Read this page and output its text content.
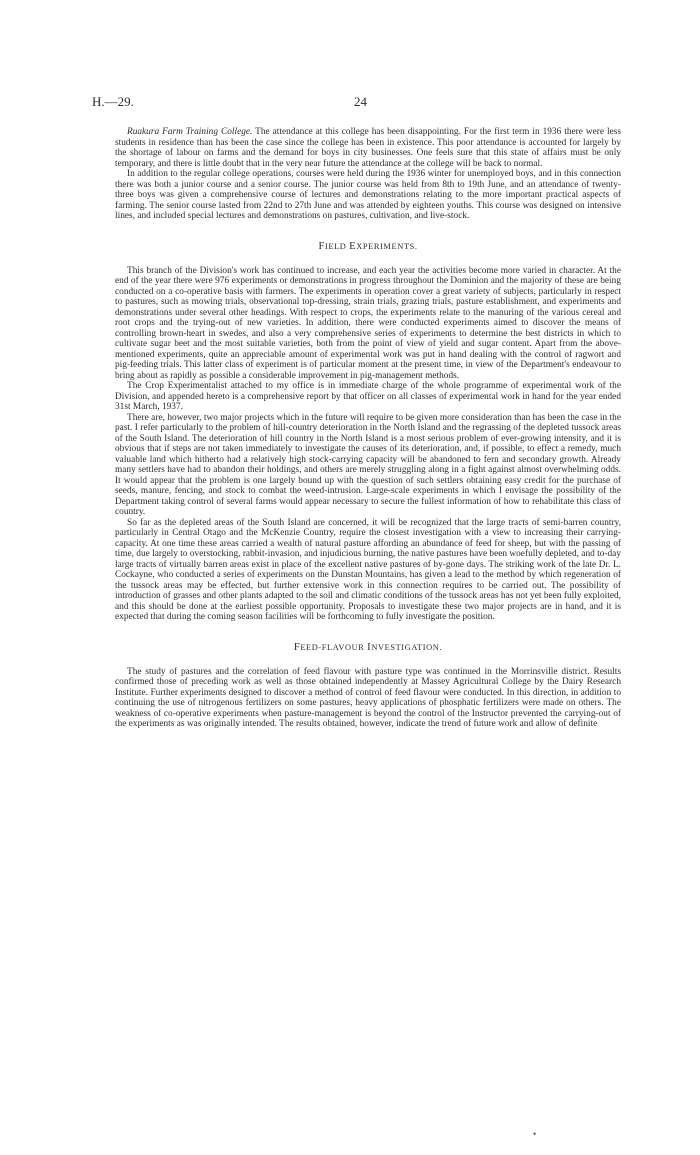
H.—29.	24

Ruakura Farm Training College. The attendance at this college has been disappointing. For the first term in 1936 there were less students in residence than has been the case since the college has been in existence. This poor attendance is accounted for largely by the shortage of labour on farms and the demand for boys in city businesses. One feels sure that this state of affairs must be only temporary, and there is little doubt that in the very near future the attendance at the college will be back to normal.

In addition to the regular college operations, courses were held during the 1936 winter for unemployed boys, and in this connection there was both a junior course and a senior course. The junior course was held from 8th to 19th June, and an attendance of twenty-three boys was given a comprehensive course of lectures and demonstrations relating to the more important practical aspects of farming. The senior course lasted from 22nd to 27th June and was attended by eighteen youths. This course was designed on intensive lines, and included special lectures and demonstrations on pastures, cultivation, and live-stock.

FIELD EXPERIMENTS.

This branch of the Division's work has continued to increase, and each year the activities become more varied in character. At the end of the year there were 976 experiments or demonstrations in progress throughout the Dominion and the majority of these are being conducted on a co-operative basis with farmers. The experiments in operation cover a great variety of subjects, particularly in respect to pastures, such as mowing trials, observational top-dressing, strain trials, grazing trials, pasture establishment, and experiments and demonstrations under several other headings. With respect to crops, the experiments relate to the manuring of the various cereal and root crops and the trying-out of new varieties. In addition, there were conducted experiments aimed to discover the means of controlling brown-heart in swedes, and also a very comprehensive series of experiments to determine the best districts in which to cultivate sugar beet and the most suitable varieties, both from the point of view of yield and sugar content. Apart from the above-mentioned experiments, quite an appreciable amount of experimental work was put in hand dealing with the control of ragwort and pig-feeding trials. This latter class of experiment is of particular moment at the present time, in view of the Department's endeavour to bring about as rapidly as possible a considerable improvement in pig-management methods.

The Crop Experimentalist attached to my office is in immediate charge of the whole programme of experimental work of the Division, and appended hereto is a comprehensive report by that officer on all classes of experimental work in hand for the year ended 31st March, 1937.

There are, however, two major projects which in the future will require to be given more consideration than has been the case in the past. I refer particularly to the problem of hill-country deterioration in the North Island and the regrassing of the depleted tussock areas of the South Island. The deterioration of hill country in the North Island is a most serious problem of ever-growing intensity, and it is obvious that if steps are not taken immediately to investigate the causes of its deterioration, and, if possible, to effect a remedy, much valuable land which hitherto had a relatively high stock-carrying capacity will be abandoned to fern and secondary growth. Already many settlers have had to abandon their holdings, and others are merely struggling along in a fight against almost overwhelming odds. It would appear that the problem is one largely bound up with the question of such settlers obtaining easy credit for the purchase of seeds, manure, fencing, and stock to combat the weed-intrusion. Large-scale experiments in which I envisage the possibility of the Department taking control of several farms would appear necessary to secure the fullest information of how to rehabilitate this class of country.

So far as the depleted areas of the South Island are concerned, it will be recognized that the large tracts of semi-barren country, particularly in Central Otago and the McKenzie Country, require the closest investigation with a view to increasing their carrying-capacity. At one time these areas carried a wealth of natural pasture affording an abundance of feed for sheep, but with the passing of time, due largely to overstocking, rabbit-invasion, and injudicious burning, the native pastures have been woefully depleted, and to-day large tracts of virtually barren areas exist in place of the excellent native pastures of by-gone days. The striking work of the late Dr. L. Cockayne, who conducted a series of experiments on the Dunstan Mountains, has given a lead to the method by which regeneration of the tussock areas may be effected, but further extensive work in this connection requires to be carried out. The possibility of introduction of grasses and other plants adapted to the soil and climatic conditions of the tussock areas has not yet been fully exploited, and this should be done at the earliest possible opportunity. Proposals to investigate these two major projects are in hand, and it is expected that during the coming season facilities will be forthcoming to fully investigate the position.

FEED-FLAVOUR INVESTIGATION.

The study of pastures and the correlation of feed flavour with pasture type was continued in the Morrinsville district. Results confirmed those of preceding work as well as those obtained independently at Massey Agricultural College by the Dairy Research Institute. Further experiments designed to discover a method of control of feed flavour were conducted. In this direction, in addition to continuing the use of nitrogenous fertilizers on some pastures, heavy applications of phosphatic fertilizers were made on others. The weakness of co-operative experiments when pasture-management is beyond the control of the Instructor prevented the carrying-out of the experiments as was originally intended. The results obtained, however, indicate the trend of future work and allow of definite

•
